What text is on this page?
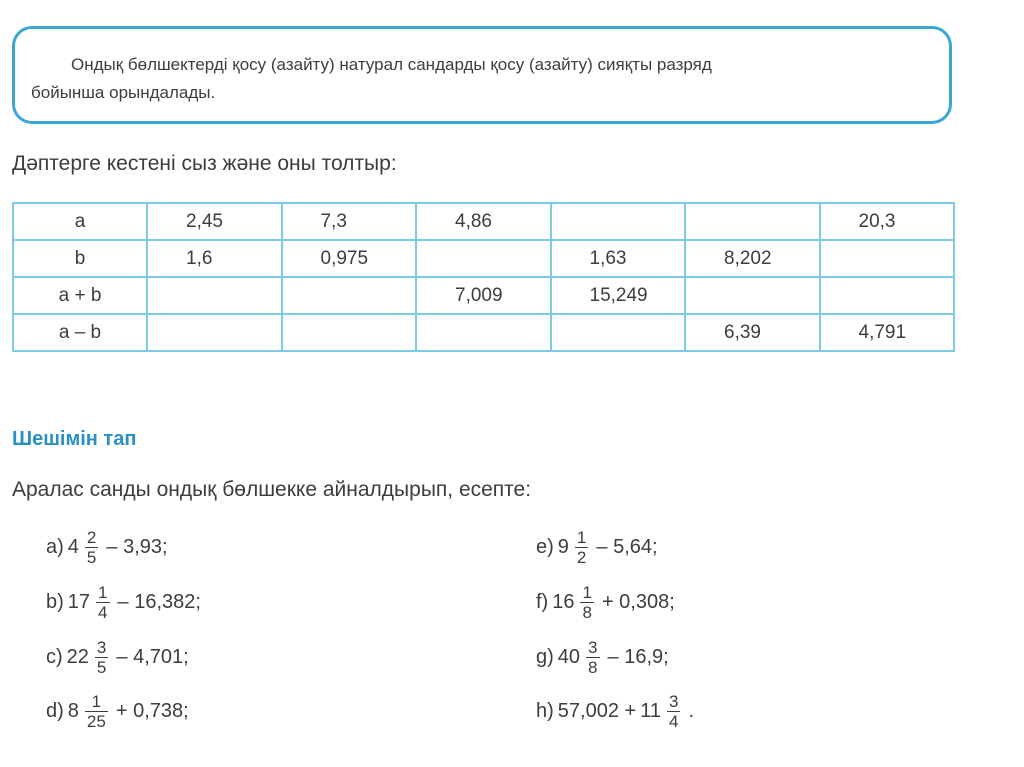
Ондық бөлшектерді қосу (азайту) натурал сандарды қосу (азайту) сияқты разряд
бойынша орындалады.
Дәптерге кестені сыз және оны толтыр:
a	2,45	7,3	4,86			20,3
b	1,6	0,975		1,63	8,202	
a + b			7,009	15,249		
a – b					6,39	4,791
Шешімін тап
Аралас санды ондық бөлшекке айналдырып, есепте:
a) $4 \frac{2}{5} - 3,93$;
b) $17 \frac{1}{4} - 16,382$;
c) $22 \frac{3}{5} - 4,701$;
d) $8 \frac{1}{25} + 0,738$;
e) $9 \frac{1}{2} - 5,64$;
f) $16 \frac{1}{8} + 0,308$;
g) $40 \frac{3}{8} - 16,9$;
h) $57,002 + 11 \frac{3}{4}$ .
